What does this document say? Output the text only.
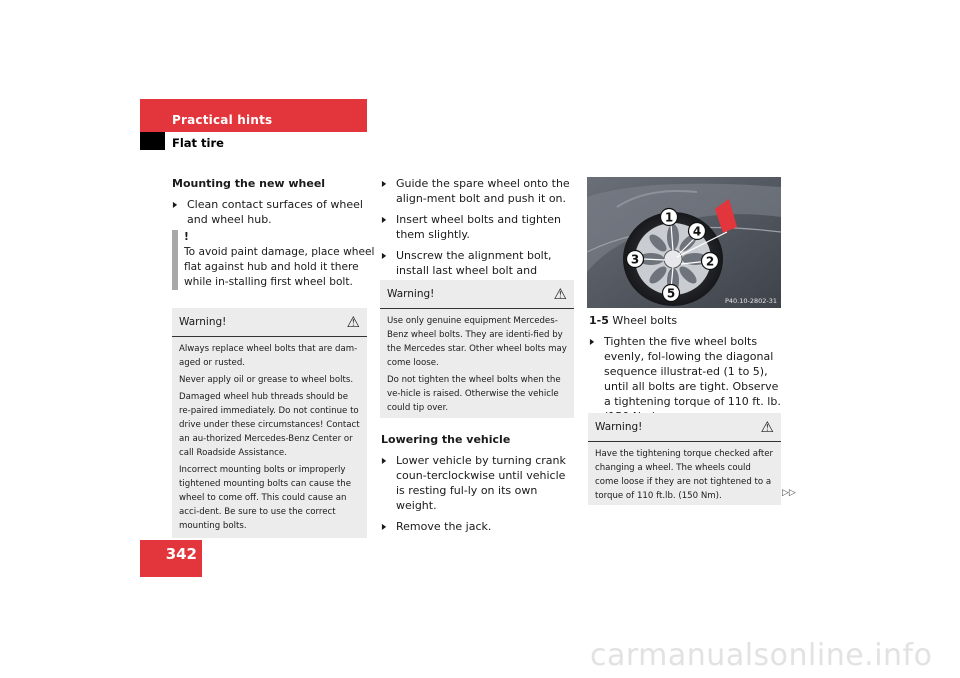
Practical hints
Flat tire
Mounting the new wheel
▶ Clean contact surfaces of wheel and wheel hub.
!
To avoid paint damage, place wheel flat against hub and hold it there while in-stalling first wheel bolt.
Warning!	⚠

Always replace wheel bolts that are dam-aged or rusted.

Never apply oil or grease to wheel bolts.

Damaged wheel hub threads should be re-paired immediately. Do not continue to drive under these circumstances! Contact an au-thorized Mercedes-Benz Center or call Roadside Assistance.

Incorrect mounting bolts or improperly tightened mounting bolts can cause the wheel to come off. This could cause an acci-dent. Be sure to use the correct mounting bolts.

▶ Guide the spare wheel onto the align-ment bolt and push it on.
▶ Insert wheel bolts and tighten them slightly.
▶ Unscrew the alignment bolt, install last wheel bolt and
Warning!	⚠

Use only genuine equipment Mercedes-Benz wheel bolts. They are identi-fied by the Mercedes star. Other wheel bolts may come loose.

Do not tighten the wheel bolts when the ve-hicle is raised. Otherwise the vehicle could tip over.

Lowering the vehicle
▶ Lower vehicle by turning crank coun-terclockwise until vehicle is resting ful-ly on its own weight.
▶ Remove the jack.
1
2
3
4
5
P40.10-2802-31
1-5 Wheel bolts
▶ Tighten the five wheel bolts evenly, fol-lowing the diagonal sequence illustrat-ed (1 to 5), until all bolts are tight. Observe a tightening torque of 110 ft. lb.
Warning!	⚠

Have the tightening torque checked after changing a wheel. The wheels could come loose if they are not tightened to a torque of 110 ft.lb. (150 Nm).	▷▷
342
carmanualsonline.info
